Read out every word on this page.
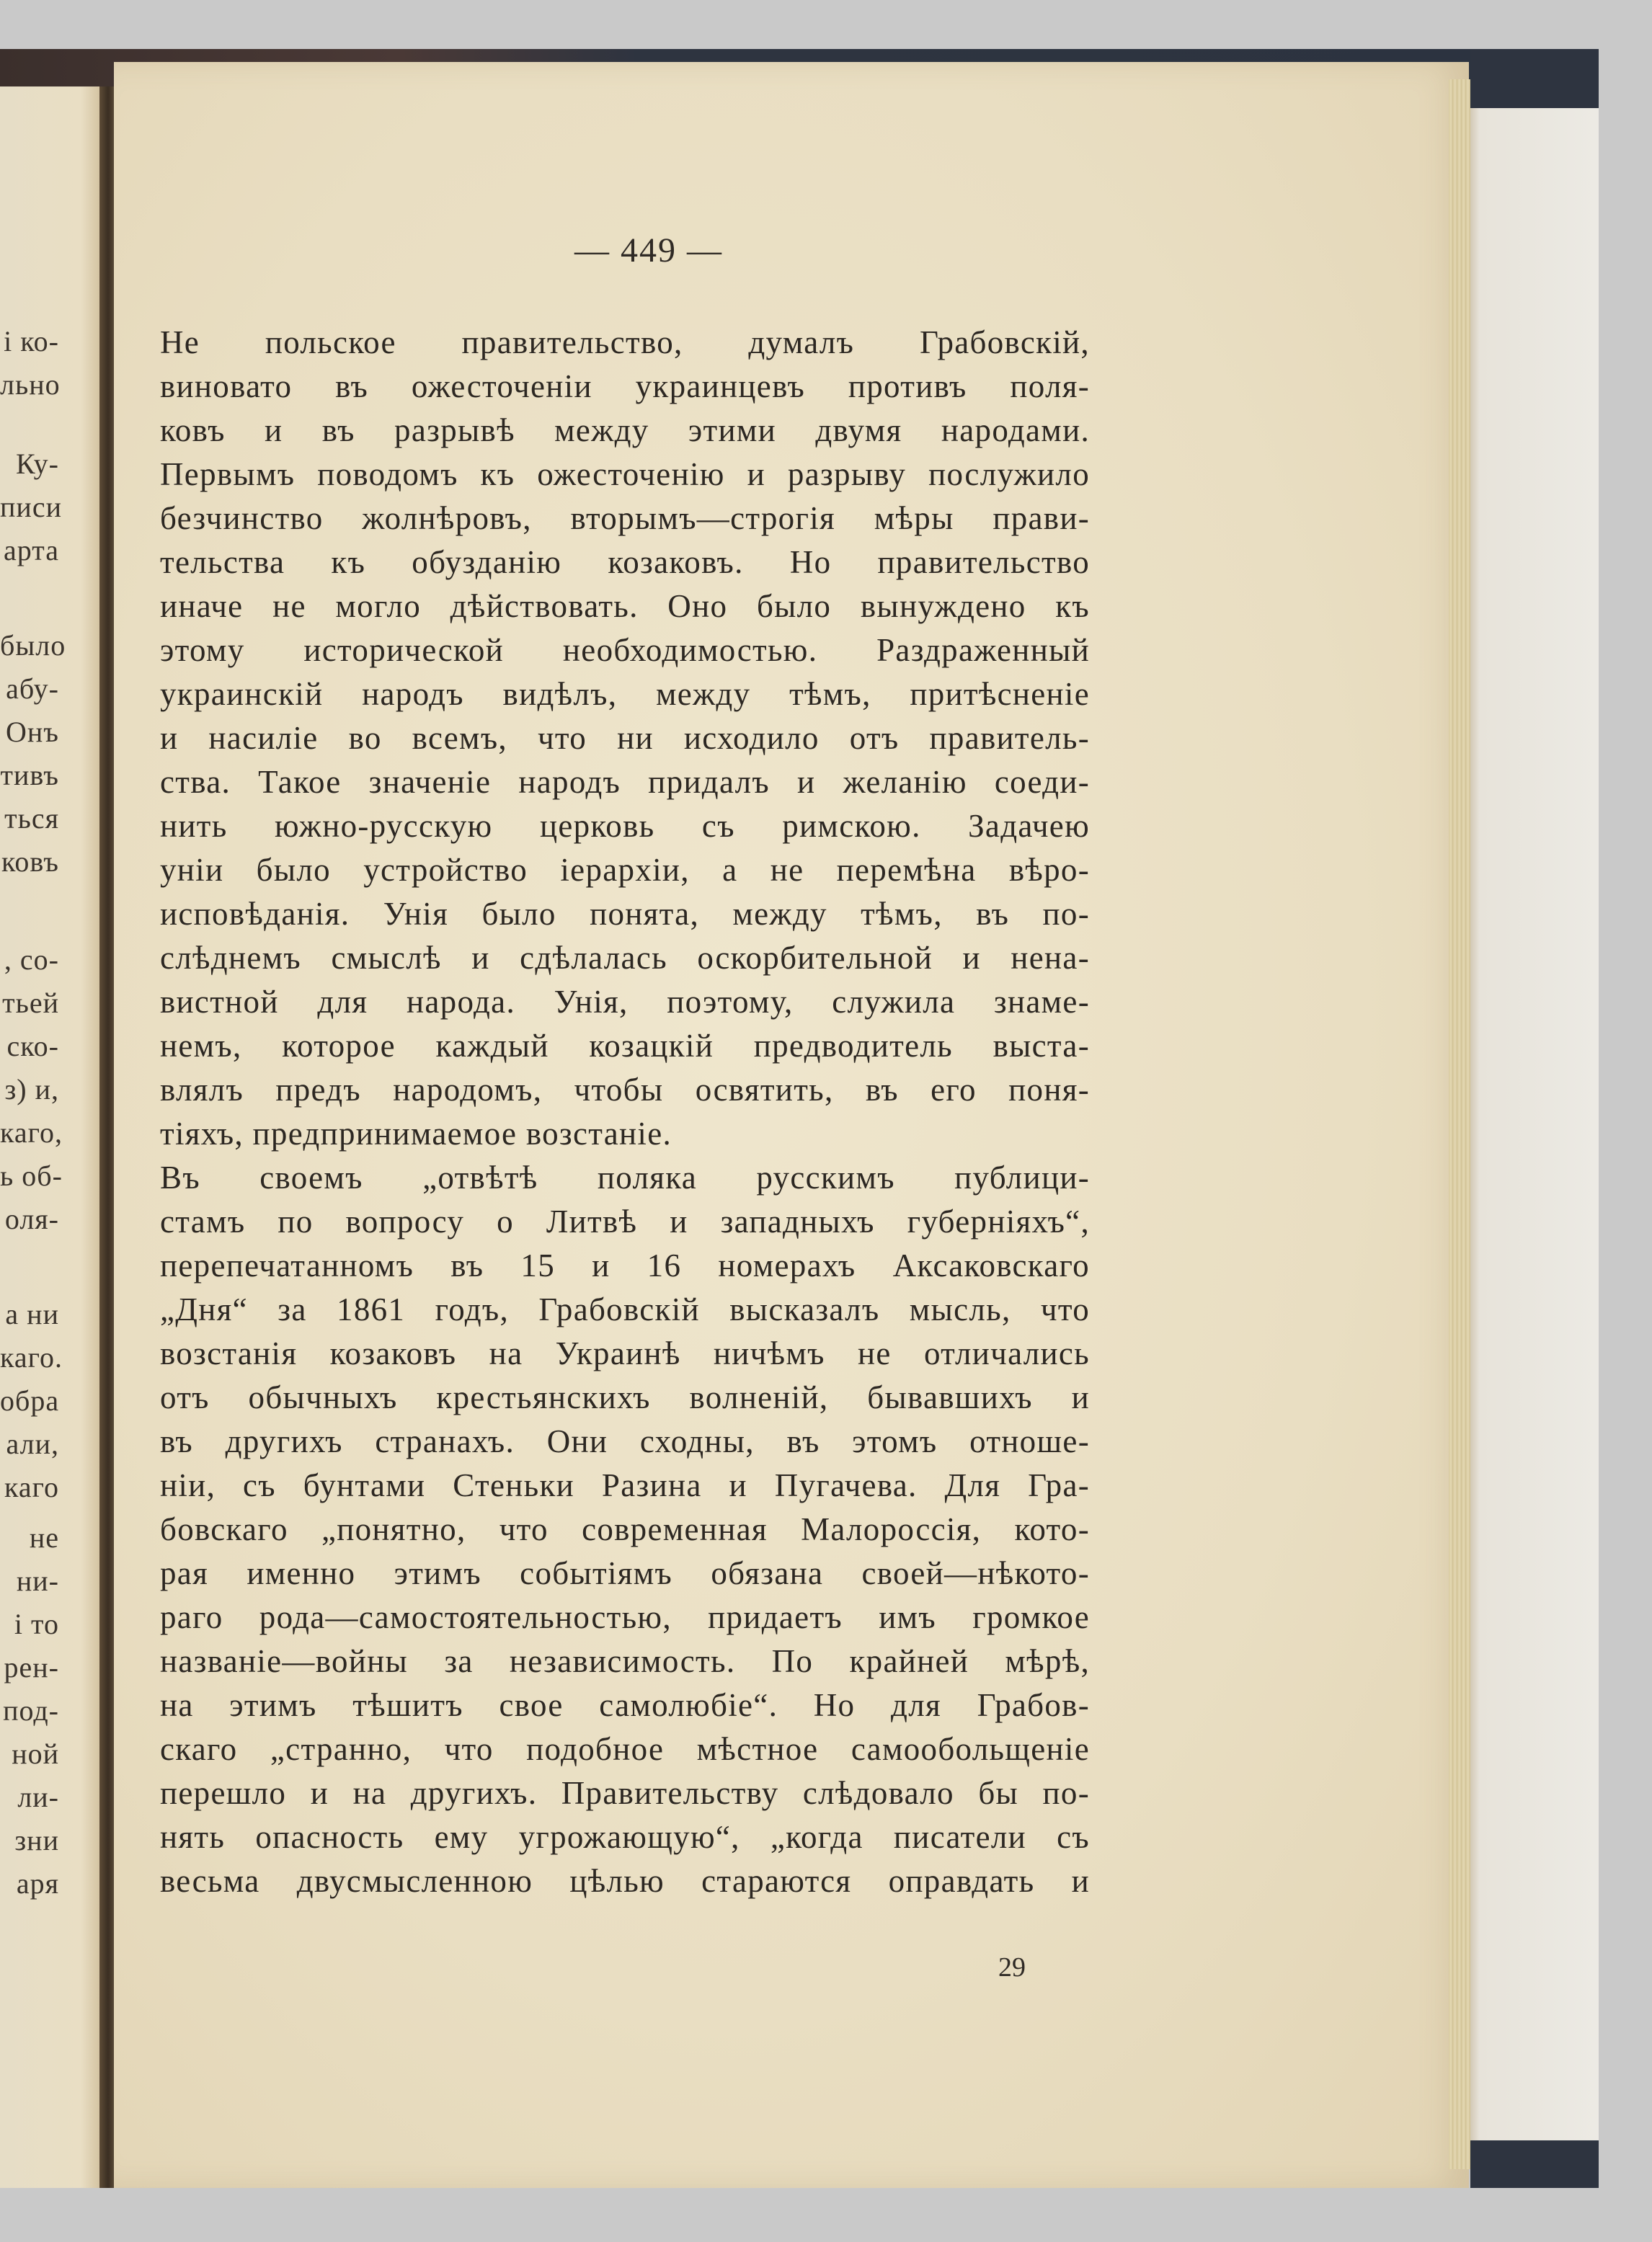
і ко-
льно
Ку-
писи
арта
было
абу-
Онъ
тивъ
ться
ковъ
, со-
тьей
ско-
з) и,
каго,
ь об-
оля-
а ни
каго.
обра
али,
каго
не
ни-
і то
рен-
под-
ной
ли-
зни
аря
— 449 —
Не польское правительство, думалъ Грабовскій,
виновато въ ожесточеніи украинцевъ противъ поля-
ковъ и въ разрывѣ между этими двумя народами.
Первымъ поводомъ къ ожесточенію и разрыву послужило
безчинство жолнѣровъ, вторымъ—строгія мѣры прави-
тельства къ обузданію козаковъ. Но правительство
иначе не могло дѣйствовать. Оно было вынуждено къ
этому исторической необходимостью. Раздраженный
украинскій народъ видѣлъ, между тѣмъ, притѣсненіе
и насиліе во всемъ, что ни исходило отъ правитель-
ства. Такое значеніе народъ придалъ и желанію соеди-
нить южно-русскую церковь съ римскою. Задачею
уніи было устройство іерархіи, а не перемѣна вѣро-
исповѣданія. Унія было понята, между тѣмъ, въ по-
слѣднемъ смыслѣ и сдѣлалась оскорбительной и нена-
вистной для народа. Унія, поэтому, служила знаме-
немъ, которое каждый козацкій предводитель выста-
влялъ предъ народомъ, чтобы освятить, въ его поня-
тіяхъ, предпринимаемое возстаніе.
Въ своемъ „отвѣтѣ поляка русскимъ публици-
стамъ по вопросу о Литвѣ и западныхъ губерніяхъ“,
перепечатанномъ въ 15 и 16 номерахъ Аксаковскаго
„Дня“ за 1861 годъ, Грабовскій высказалъ мысль, что
возстанія козаковъ на Украинѣ ничѣмъ не отличались
отъ обычныхъ крестьянскихъ волненій, бывавшихъ и
въ другихъ странахъ. Они сходны, въ этомъ отноше-
ніи, съ бунтами Стеньки Разина и Пугачева. Для Гра-
бовскаго „понятно, что современная Малороссія, кото-
рая именно этимъ событіямъ обязана своей—нѣкото-
раго рода—самостоятельностью, придаетъ имъ громкое
названіе—войны за независимость. По крайней мѣрѣ,
на этимъ тѣшитъ свое самолюбіе“. Но для Грабов-
скаго „странно, что подобное мѣстное самообольщеніе
перешло и на другихъ. Правительству слѣдовало бы по-
нять опасность ему угрожающую“, „когда писатели съ
весьма двусмысленною цѣлью стараются оправдать и
29
